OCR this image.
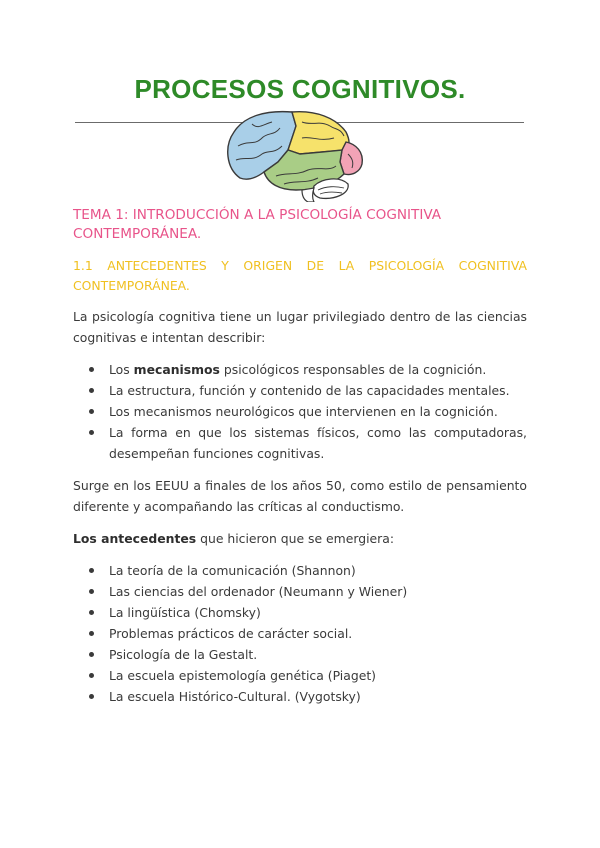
PROCESOS COGNITIVOS.
TEMA 1: INTRODUCCIÓN A LA PSICOLOGÍA COGNITIVA CONTEMPORÁNEA.
1.1 ANTECEDENTES Y ORIGEN DE LA PSICOLOGÍA COGNITIVA CONTEMPORÁNEA.

La psicología cognitiva tiene un lugar privilegiado dentro de las ciencias cognitivas e intentan describir:

Los mecanismos psicológicos responsables de la cognición.
La estructura, función y contenido de las capacidades mentales.
Los mecanismos neurológicos que intervienen en la cognición.
La forma en que los sistemas físicos, como las computadoras, desempeñan funciones cognitivas.

Surge en los EEUU a finales de los años 50, como estilo de pensamiento diferente y acompañando las críticas al conductismo.

Los antecedentes que hicieron que se emergiera:

La teoría de la comunicación (Shannon)
Las ciencias del ordenador (Neumann y Wiener)
La lingüística (Chomsky)
Problemas prácticos de carácter social.
Psicología de la Gestalt.
La escuela epistemología genética (Piaget)
La escuela Histórico-Cultural. (Vygotsky)
